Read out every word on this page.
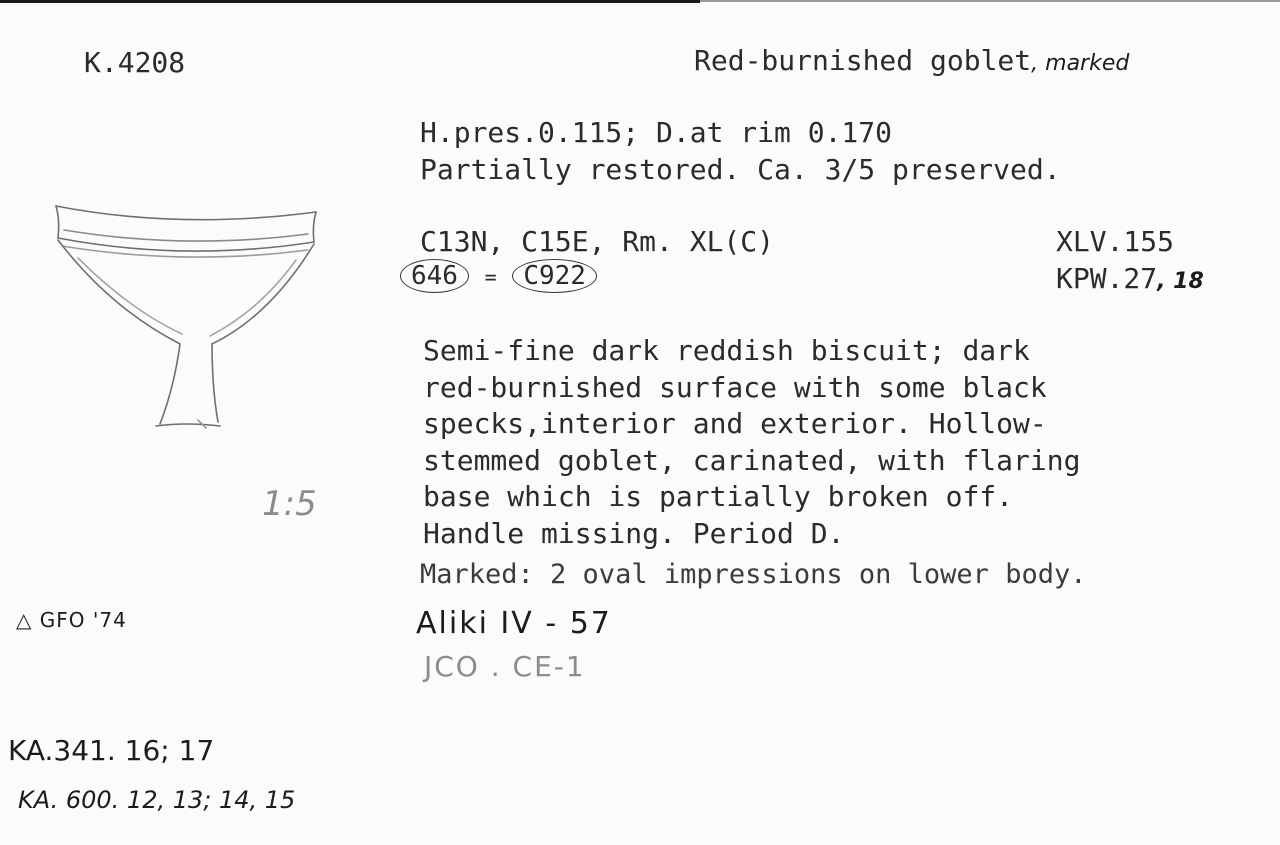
K.4208	Red-burnished goblet, marked
H.pres.0.115; D.at rim 0.170
Partially restored. Ca. 3/5 preserved.
C13N, C15E, Rm. XL(C)
646 = C922
XLV.155
KPW.27, 18
Semi-fine dark reddish biscuit; dark
red-burnished surface with some black
specks,interior and exterior. Hollow-
stemmed goblet, carinated, with flaring
base which is partially broken off.
Handle missing. Period D.
Marked: 2 oval impressions on lower body.
Aliki IV - 57
JCO . CE-1
1:5
△ GFO '74
KA.341. 16; 17
KA. 600. 12, 13; 14, 15
